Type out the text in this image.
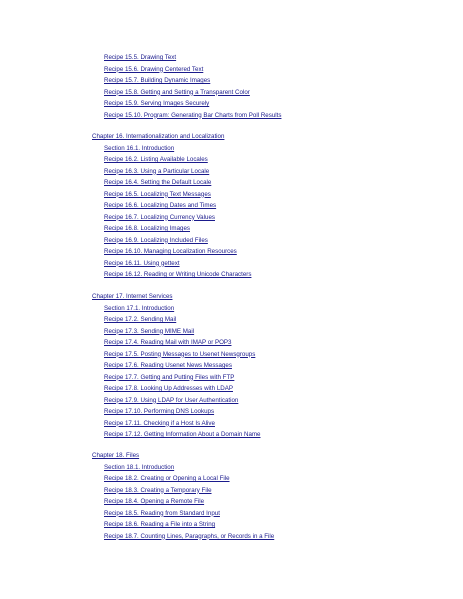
Recipe 15.5. Drawing Text
Recipe 15.6. Drawing Centered Text
Recipe 15.7. Building Dynamic Images
Recipe 15.8. Getting and Setting a Transparent Color
Recipe 15.9. Serving Images Securely
Recipe 15.10. Program: Generating Bar Charts from Poll Results
Chapter 16. Internationalization and Localization
Section 16.1. Introduction
Recipe 16.2. Listing Available Locales
Recipe 16.3. Using a Particular Locale
Recipe 16.4. Setting the Default Locale
Recipe 16.5. Localizing Text Messages
Recipe 16.6. Localizing Dates and Times
Recipe 16.7. Localizing Currency Values
Recipe 16.8. Localizing Images
Recipe 16.9. Localizing Included Files
Recipe 16.10. Managing Localization Resources
Recipe 16.11. Using gettext
Recipe 16.12. Reading or Writing Unicode Characters
Chapter 17. Internet Services
Section 17.1. Introduction
Recipe 17.2. Sending Mail
Recipe 17.3. Sending MIME Mail
Recipe 17.4. Reading Mail with IMAP or POP3
Recipe 17.5. Posting Messages to Usenet Newsgroups
Recipe 17.6. Reading Usenet News Messages
Recipe 17.7. Getting and Putting Files with FTP
Recipe 17.8. Looking Up Addresses with LDAP
Recipe 17.9. Using LDAP for User Authentication
Recipe 17.10. Performing DNS Lookups
Recipe 17.11. Checking if a Host Is Alive
Recipe 17.12. Getting Information About a Domain Name
Chapter 18. Files
Section 18.1. Introduction
Recipe 18.2. Creating or Opening a Local File
Recipe 18.3. Creating a Temporary File
Recipe 18.4. Opening a Remote File
Recipe 18.5. Reading from Standard Input
Recipe 18.6. Reading a File into a String
Recipe 18.7. Counting Lines, Paragraphs, or Records in a File
